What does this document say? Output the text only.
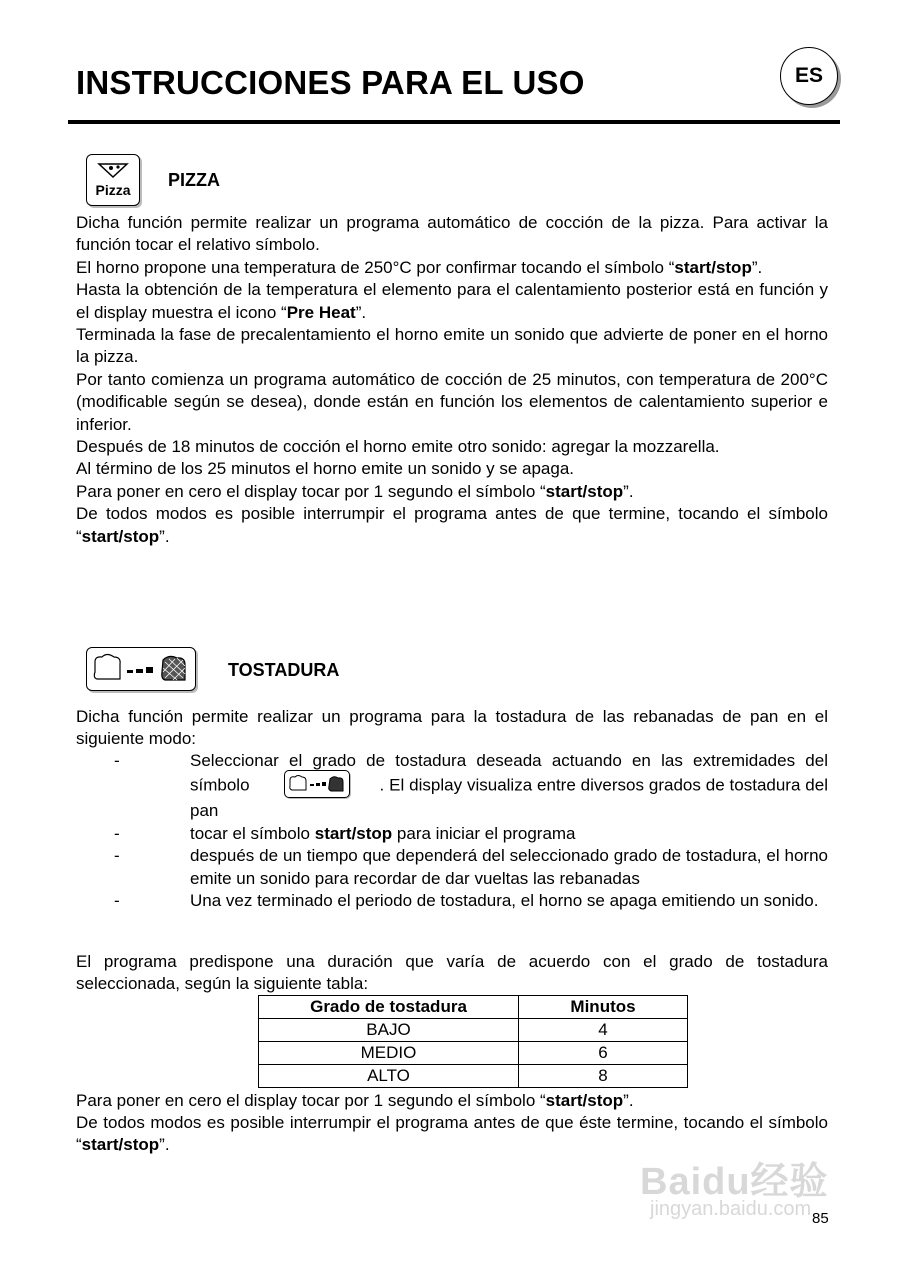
INSTRUCCIONES PARA EL USO	ES
Pizza PIZZA

Dicha función permite realizar un programa automático de cocción de la pizza. Para activar la función tocar el relativo símbolo.

El horno propone una temperatura de 250°C por confirmar tocando el símbolo “start/stop”.

Hasta la obtención de la temperatura el elemento para el calentamiento posterior está en función y el display muestra el icono “Pre Heat”.

Terminada la fase de precalentamiento el horno emite un sonido que advierte de poner en el horno la pizza.

Por tanto comienza un programa automático de cocción de 25 minutos, con temperatura de 200°C (modificable según se desea), donde están en función los elementos de calentamiento superior e inferior.

Después de 18 minutos de cocción el horno emite otro sonido: agregar la mozzarella.

Al término de los 25 minutos el horno emite un sonido y se apaga.

Para poner en cero el display tocar por 1 segundo el símbolo “start/stop”.

De todos modos es posible interrumpir el programa antes de que termine, tocando el símbolo “start/stop”.

TOSTADURA
Dicha función permite realizar un programa para la tostadura de las rebanadas de pan en el siguiente modo:
-	Seleccionar el grado de tostadura deseada actuando en las extremidades del símbolo	. El display visualiza entre diversos grados de tostadura del pan
-	tocar el símbolo start/stop para iniciar el programa
-	después de un tiempo que dependerá del seleccionado grado de tostadura, el horno emite un sonido para recordar de dar vueltas las rebanadas
-	Una vez terminado el periodo de tostadura, el horno se apaga emitiendo un sonido.
El programa predispone una duración que varía de acuerdo con el grado de tostadura seleccionada, según la siguiente tabla:
Grado de tostadura	Minutos
BAJO	4
MEDIO	6
ALTO	8
Para poner en cero el display tocar por 1 segundo el símbolo “start/stop”.
De todos modos es posible interrumpir el programa antes de que éste termine, tocando el símbolo “start/stop”.
Baidu经验
jingyan.baidu.com 85
